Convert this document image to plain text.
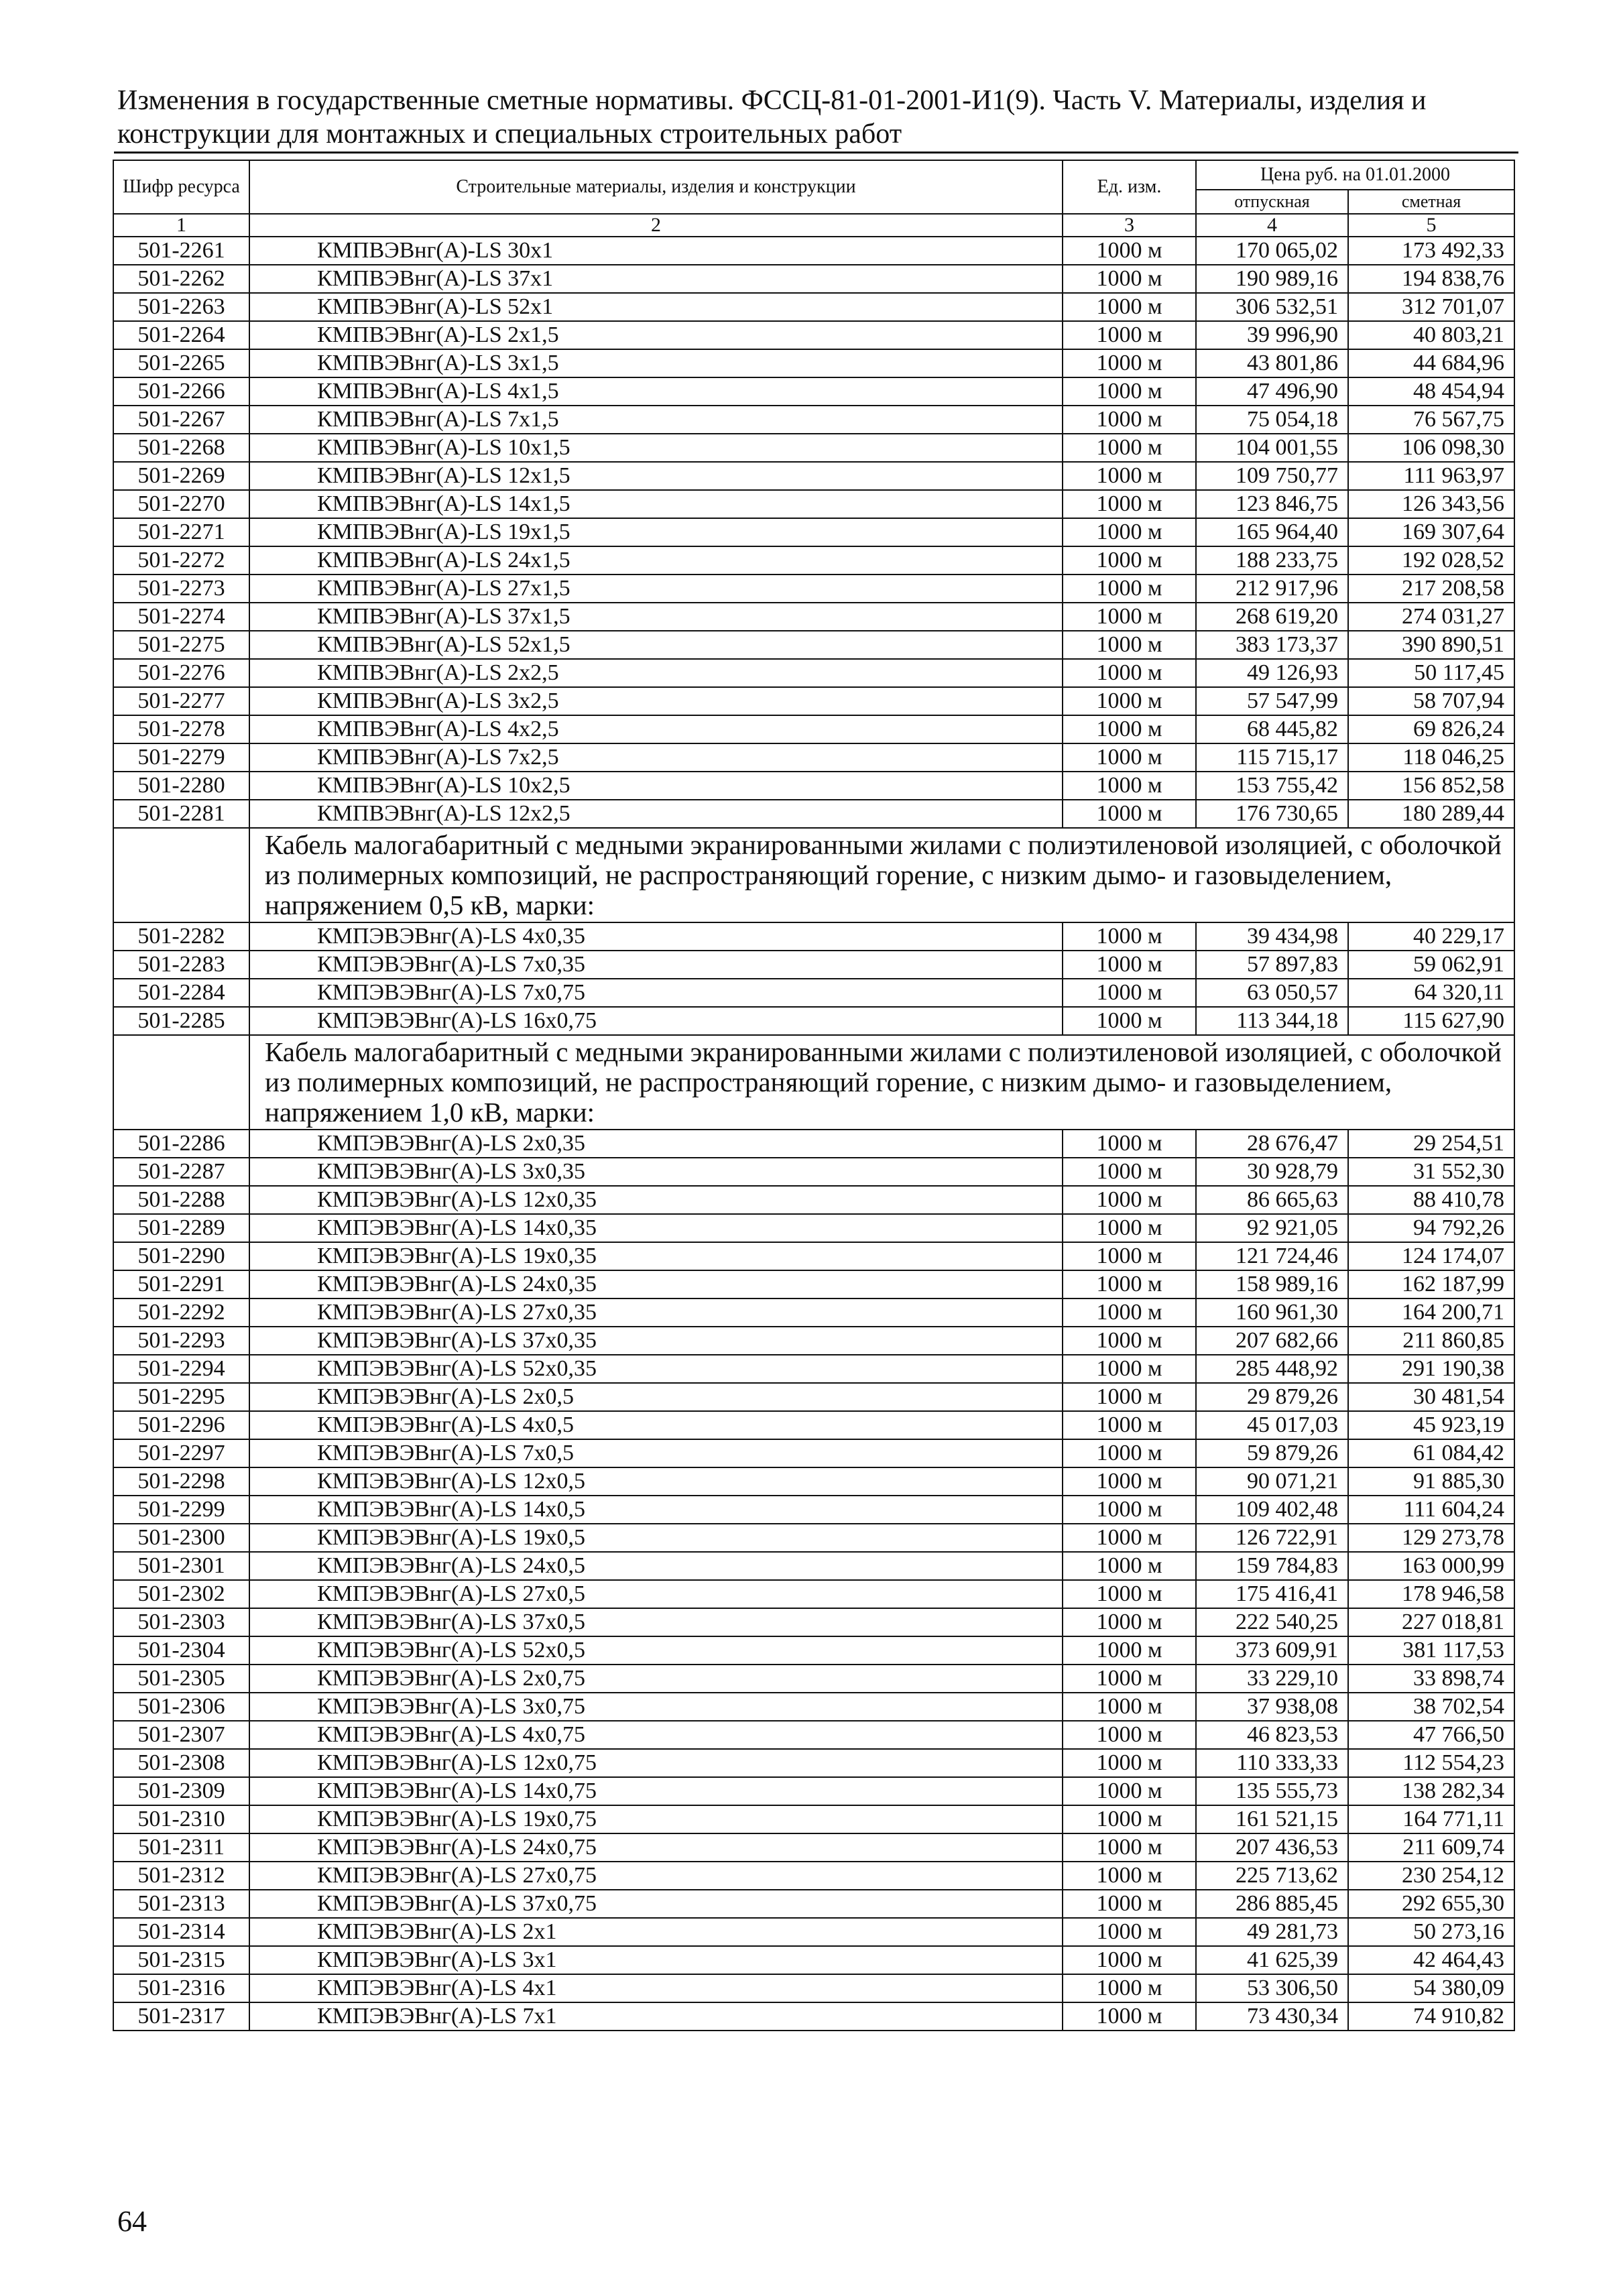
Изменения в государственные сметные нормативы. ФССЦ-81-01-2001-И1(9). Часть V. Материалы, изделия и
конструкции для монтажных и специальных строительных работ
Шифр ресурса	Строительные материалы, изделия и конструкции	Ед. изм.	Цена руб. на 01.01.2000	
			отпускная	сметная
1	2	3	4	5
501-2261	КМПВЭВнг(А)-LS 30х1	1000 м	170 065,02	173 492,33
501-2262	КМПВЭВнг(А)-LS 37х1	1000 м	190 989,16	194 838,76
501-2263	КМПВЭВнг(А)-LS 52х1	1000 м	306 532,51	312 701,07
501-2264	КМПВЭВнг(А)-LS 2х1,5	1000 м	39 996,90	40 803,21
501-2265	КМПВЭВнг(А)-LS 3х1,5	1000 м	43 801,86	44 684,96
501-2266	КМПВЭВнг(А)-LS 4х1,5	1000 м	47 496,90	48 454,94
501-2267	КМПВЭВнг(А)-LS 7х1,5	1000 м	75 054,18	76 567,75
501-2268	КМПВЭВнг(А)-LS 10х1,5	1000 м	104 001,55	106 098,30
501-2269	КМПВЭВнг(А)-LS 12х1,5	1000 м	109 750,77	111 963,97
501-2270	КМПВЭВнг(А)-LS 14х1,5	1000 м	123 846,75	126 343,56
501-2271	КМПВЭВнг(А)-LS 19х1,5	1000 м	165 964,40	169 307,64
501-2272	КМПВЭВнг(А)-LS 24х1,5	1000 м	188 233,75	192 028,52
501-2273	КМПВЭВнг(А)-LS 27х1,5	1000 м	212 917,96	217 208,58
501-2274	КМПВЭВнг(А)-LS 37х1,5	1000 м	268 619,20	274 031,27
501-2275	КМПВЭВнг(А)-LS 52х1,5	1000 м	383 173,37	390 890,51
501-2276	КМПВЭВнг(А)-LS 2х2,5	1000 м	49 126,93	50 117,45
501-2277	КМПВЭВнг(А)-LS 3х2,5	1000 м	57 547,99	58 707,94
501-2278	КМПВЭВнг(А)-LS 4х2,5	1000 м	68 445,82	69 826,24
501-2279	КМПВЭВнг(А)-LS 7х2,5	1000 м	115 715,17	118 046,25
501-2280	КМПВЭВнг(А)-LS 10х2,5	1000 м	153 755,42	156 852,58
501-2281	КМПВЭВнг(А)-LS 12х2,5	1000 м	176 730,65	180 289,44
	Кабель малогабаритный с медными экранированными жилами с полиэтиленовой изоляцией, с оболочкой из полимерных композиций, не распространяющий горение, с низким дымо- и газовыделением, напряжением 0,5 кВ, марки:			
501-2282	КМПЭВЭВнг(А)-LS 4х0,35	1000 м	39 434,98	40 229,17
501-2283	КМПЭВЭВнг(А)-LS 7х0,35	1000 м	57 897,83	59 062,91
501-2284	КМПЭВЭВнг(А)-LS 7х0,75	1000 м	63 050,57	64 320,11
501-2285	КМПЭВЭВнг(А)-LS 16х0,75	1000 м	113 344,18	115 627,90
	Кабель малогабаритный с медными экранированными жилами с полиэтиленовой изоляцией, с оболочкой из полимерных композиций, не распространяющий горение, с низким дымо- и газовыделением, напряжением 1,0 кВ, марки:			
501-2286	КМПЭВЭВнг(А)-LS 2х0,35	1000 м	28 676,47	29 254,51
501-2287	КМПЭВЭВнг(А)-LS 3х0,35	1000 м	30 928,79	31 552,30
501-2288	КМПЭВЭВнг(А)-LS 12х0,35	1000 м	86 665,63	88 410,78
501-2289	КМПЭВЭВнг(А)-LS 14х0,35	1000 м	92 921,05	94 792,26
501-2290	КМПЭВЭВнг(А)-LS 19х0,35	1000 м	121 724,46	124 174,07
501-2291	КМПЭВЭВнг(А)-LS 24х0,35	1000 м	158 989,16	162 187,99
501-2292	КМПЭВЭВнг(А)-LS 27х0,35	1000 м	160 961,30	164 200,71
501-2293	КМПЭВЭВнг(А)-LS 37х0,35	1000 м	207 682,66	211 860,85
501-2294	КМПЭВЭВнг(А)-LS 52х0,35	1000 м	285 448,92	291 190,38
501-2295	КМПЭВЭВнг(А)-LS 2х0,5	1000 м	29 879,26	30 481,54
501-2296	КМПЭВЭВнг(А)-LS 4х0,5	1000 м	45 017,03	45 923,19
501-2297	КМПЭВЭВнг(А)-LS 7х0,5	1000 м	59 879,26	61 084,42
501-2298	КМПЭВЭВнг(А)-LS 12х0,5	1000 м	90 071,21	91 885,30
501-2299	КМПЭВЭВнг(А)-LS 14х0,5	1000 м	109 402,48	111 604,24
501-2300	КМПЭВЭВнг(А)-LS 19х0,5	1000 м	126 722,91	129 273,78
501-2301	КМПЭВЭВнг(А)-LS 24х0,5	1000 м	159 784,83	163 000,99
501-2302	КМПЭВЭВнг(А)-LS 27х0,5	1000 м	175 416,41	178 946,58
501-2303	КМПЭВЭВнг(А)-LS 37х0,5	1000 м	222 540,25	227 018,81
501-2304	КМПЭВЭВнг(А)-LS 52х0,5	1000 м	373 609,91	381 117,53
501-2305	КМПЭВЭВнг(А)-LS 2х0,75	1000 м	33 229,10	33 898,74
501-2306	КМПЭВЭВнг(А)-LS 3х0,75	1000 м	37 938,08	38 702,54
501-2307	КМПЭВЭВнг(А)-LS 4х0,75	1000 м	46 823,53	47 766,50
501-2308	КМПЭВЭВнг(А)-LS 12х0,75	1000 м	110 333,33	112 554,23
501-2309	КМПЭВЭВнг(А)-LS 14х0,75	1000 м	135 555,73	138 282,34
501-2310	КМПЭВЭВнг(А)-LS 19х0,75	1000 м	161 521,15	164 771,11
501-2311	КМПЭВЭВнг(А)-LS 24х0,75	1000 м	207 436,53	211 609,74
501-2312	КМПЭВЭВнг(А)-LS 27х0,75	1000 м	225 713,62	230 254,12
501-2313	КМПЭВЭВнг(А)-LS 37х0,75	1000 м	286 885,45	292 655,30
501-2314	КМПЭВЭВнг(А)-LS 2х1	1000 м	49 281,73	50 273,16
501-2315	КМПЭВЭВнг(А)-LS 3х1	1000 м	41 625,39	42 464,43
501-2316	КМПЭВЭВнг(А)-LS 4х1	1000 м	53 306,50	54 380,09
501-2317	КМПЭВЭВнг(А)-LS 7х1	1000 м	73 430,34	74 910,82
64
